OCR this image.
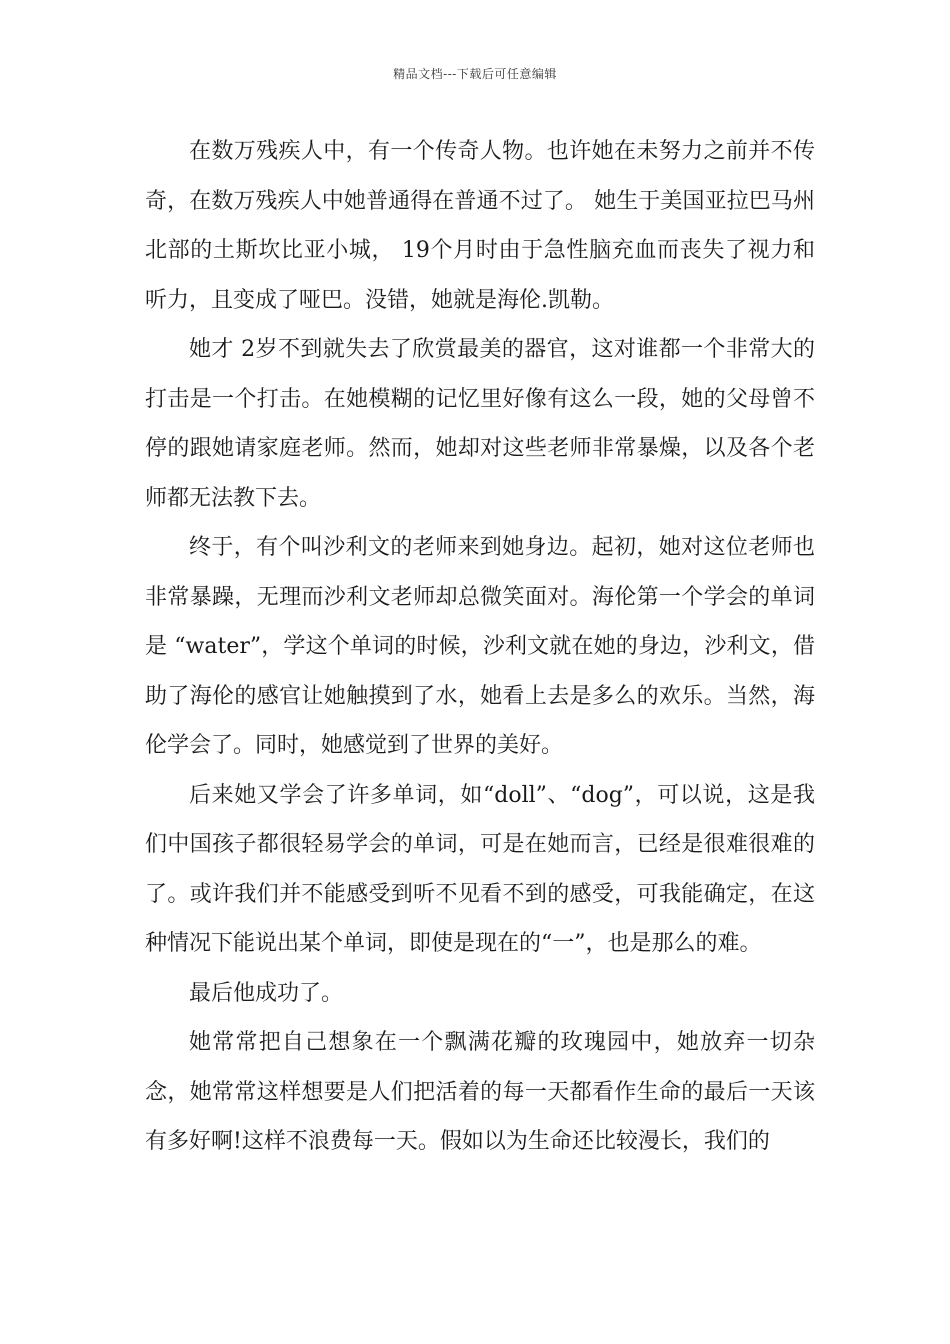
精品文档---下载后可任意编辑

在数万残疾人中，有一个传奇人物。也许她在未努力之前并不传奇，在数万残疾人中她普通得在普通不过了。 她生于美国亚拉巴马州北部的土斯坎比亚小城， 19个月时由于急性脑充血而丧失了视力和听力，且变成了哑巴。没错，她就是海伦.凯勒。

她才 2岁不到就失去了欣赏最美的器官，这对谁都一个非常大的打击是一个打击。在她模糊的记忆里好像有这么一段，她的父母曾不停的跟她请家庭老师。然而，她却对这些老师非常暴燥，以及各个老师都无法教下去。

终于，有个叫沙利文的老师来到她身边。起初，她对这位老师也非常暴躁，无理而沙利文老师却总微笑面对。海伦第一个学会的单词是 “water”，学这个单词的时候，沙利文就在她的身边，沙利文，借助了海伦的感官让她触摸到了水，她看上去是多么的欢乐。当然，海伦学会了。同时，她感觉到了世界的美好。

后来她又学会了许多单词，如“doll”、“dog”，可以说，这是我们中国孩子都很轻易学会的单词，可是在她而言，已经是很难很难的了。或许我们并不能感受到听不见看不到的感受，可我能确定，在这种情况下能说出某个单词，即使是现在的“一”，也是那么的难。

最后他成功了。

她常常把自己想象在一个飘满花瓣的玫瑰园中，她放弃一切杂念，她常常这样想要是人们把活着的每一天都看作生命的最后一天该有多好啊!这样不浪费每一天。假如以为生命还比较漫长，我们的
